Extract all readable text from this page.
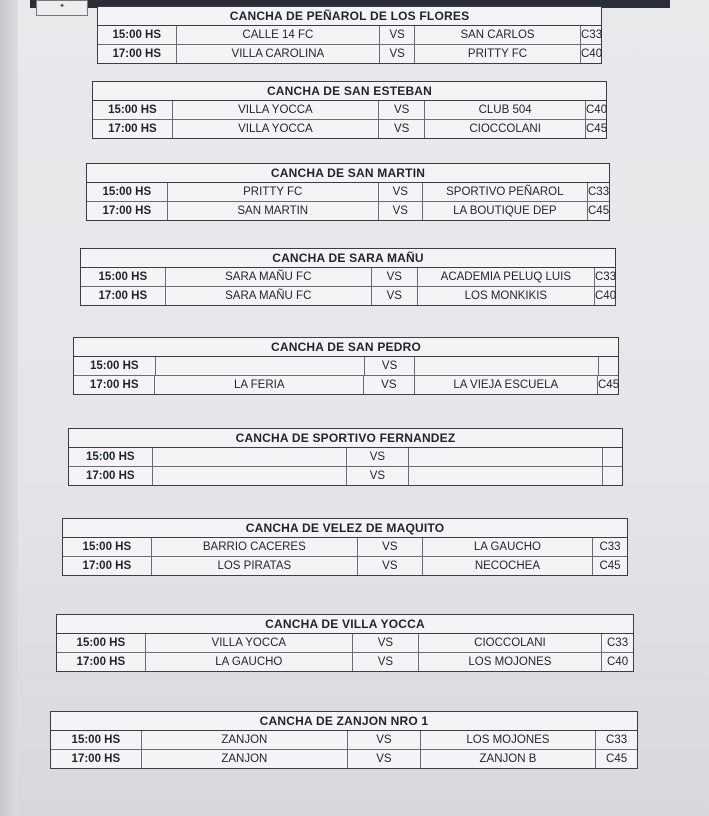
✦
CANCHA DE PEÑAROL DE LOS FLORES
15:00 HS	CALLE 14 FC	VS	SAN CARLOS	C33
17:00 HS	VILLA CAROLINA	VS	PRITTY FC	C40
CANCHA DE SAN ESTEBAN
15:00 HS	VILLA YOCCA	VS	CLUB 504	C40
17:00 HS	VILLA YOCCA	VS	CIOCCOLANI	C45
CANCHA DE SAN MARTIN
15:00 HS	PRITTY FC	VS	SPORTIVO PEÑAROL	C33
17:00 HS	SAN MARTIN	VS	LA BOUTIQUE DEP	C45
CANCHA DE SARA MAÑU
15:00 HS	SARA MAÑU FC	VS	ACADEMIA PELUQ LUIS	C33
17:00 HS	SARA MAÑU FC	VS	LOS MONKIKIS	C40
CANCHA DE SAN PEDRO
15:00 HS	VS
17:00 HS	LA FERIA	VS	LA VIEJA ESCUELA	C45
CANCHA DE SPORTIVO FERNANDEZ
15:00 HS	VS
17:00 HS	VS
CANCHA DE VELEZ DE MAQUITO
15:00 HS	BARRIO CACERES	VS	LA GAUCHO	C33
17:00 HS	LOS PIRATAS	VS	NECOCHEA	C45
CANCHA DE VILLA YOCCA
15:00 HS	VILLA YOCCA	VS	CIOCCOLANI	C33
17:00 HS	LA GAUCHO	VS	LOS MOJONES	C40
CANCHA DE ZANJON NRO 1
15:00 HS	ZANJON	VS	LOS MOJONES	C33
17:00 HS	ZANJON	VS	ZANJON B	C45
